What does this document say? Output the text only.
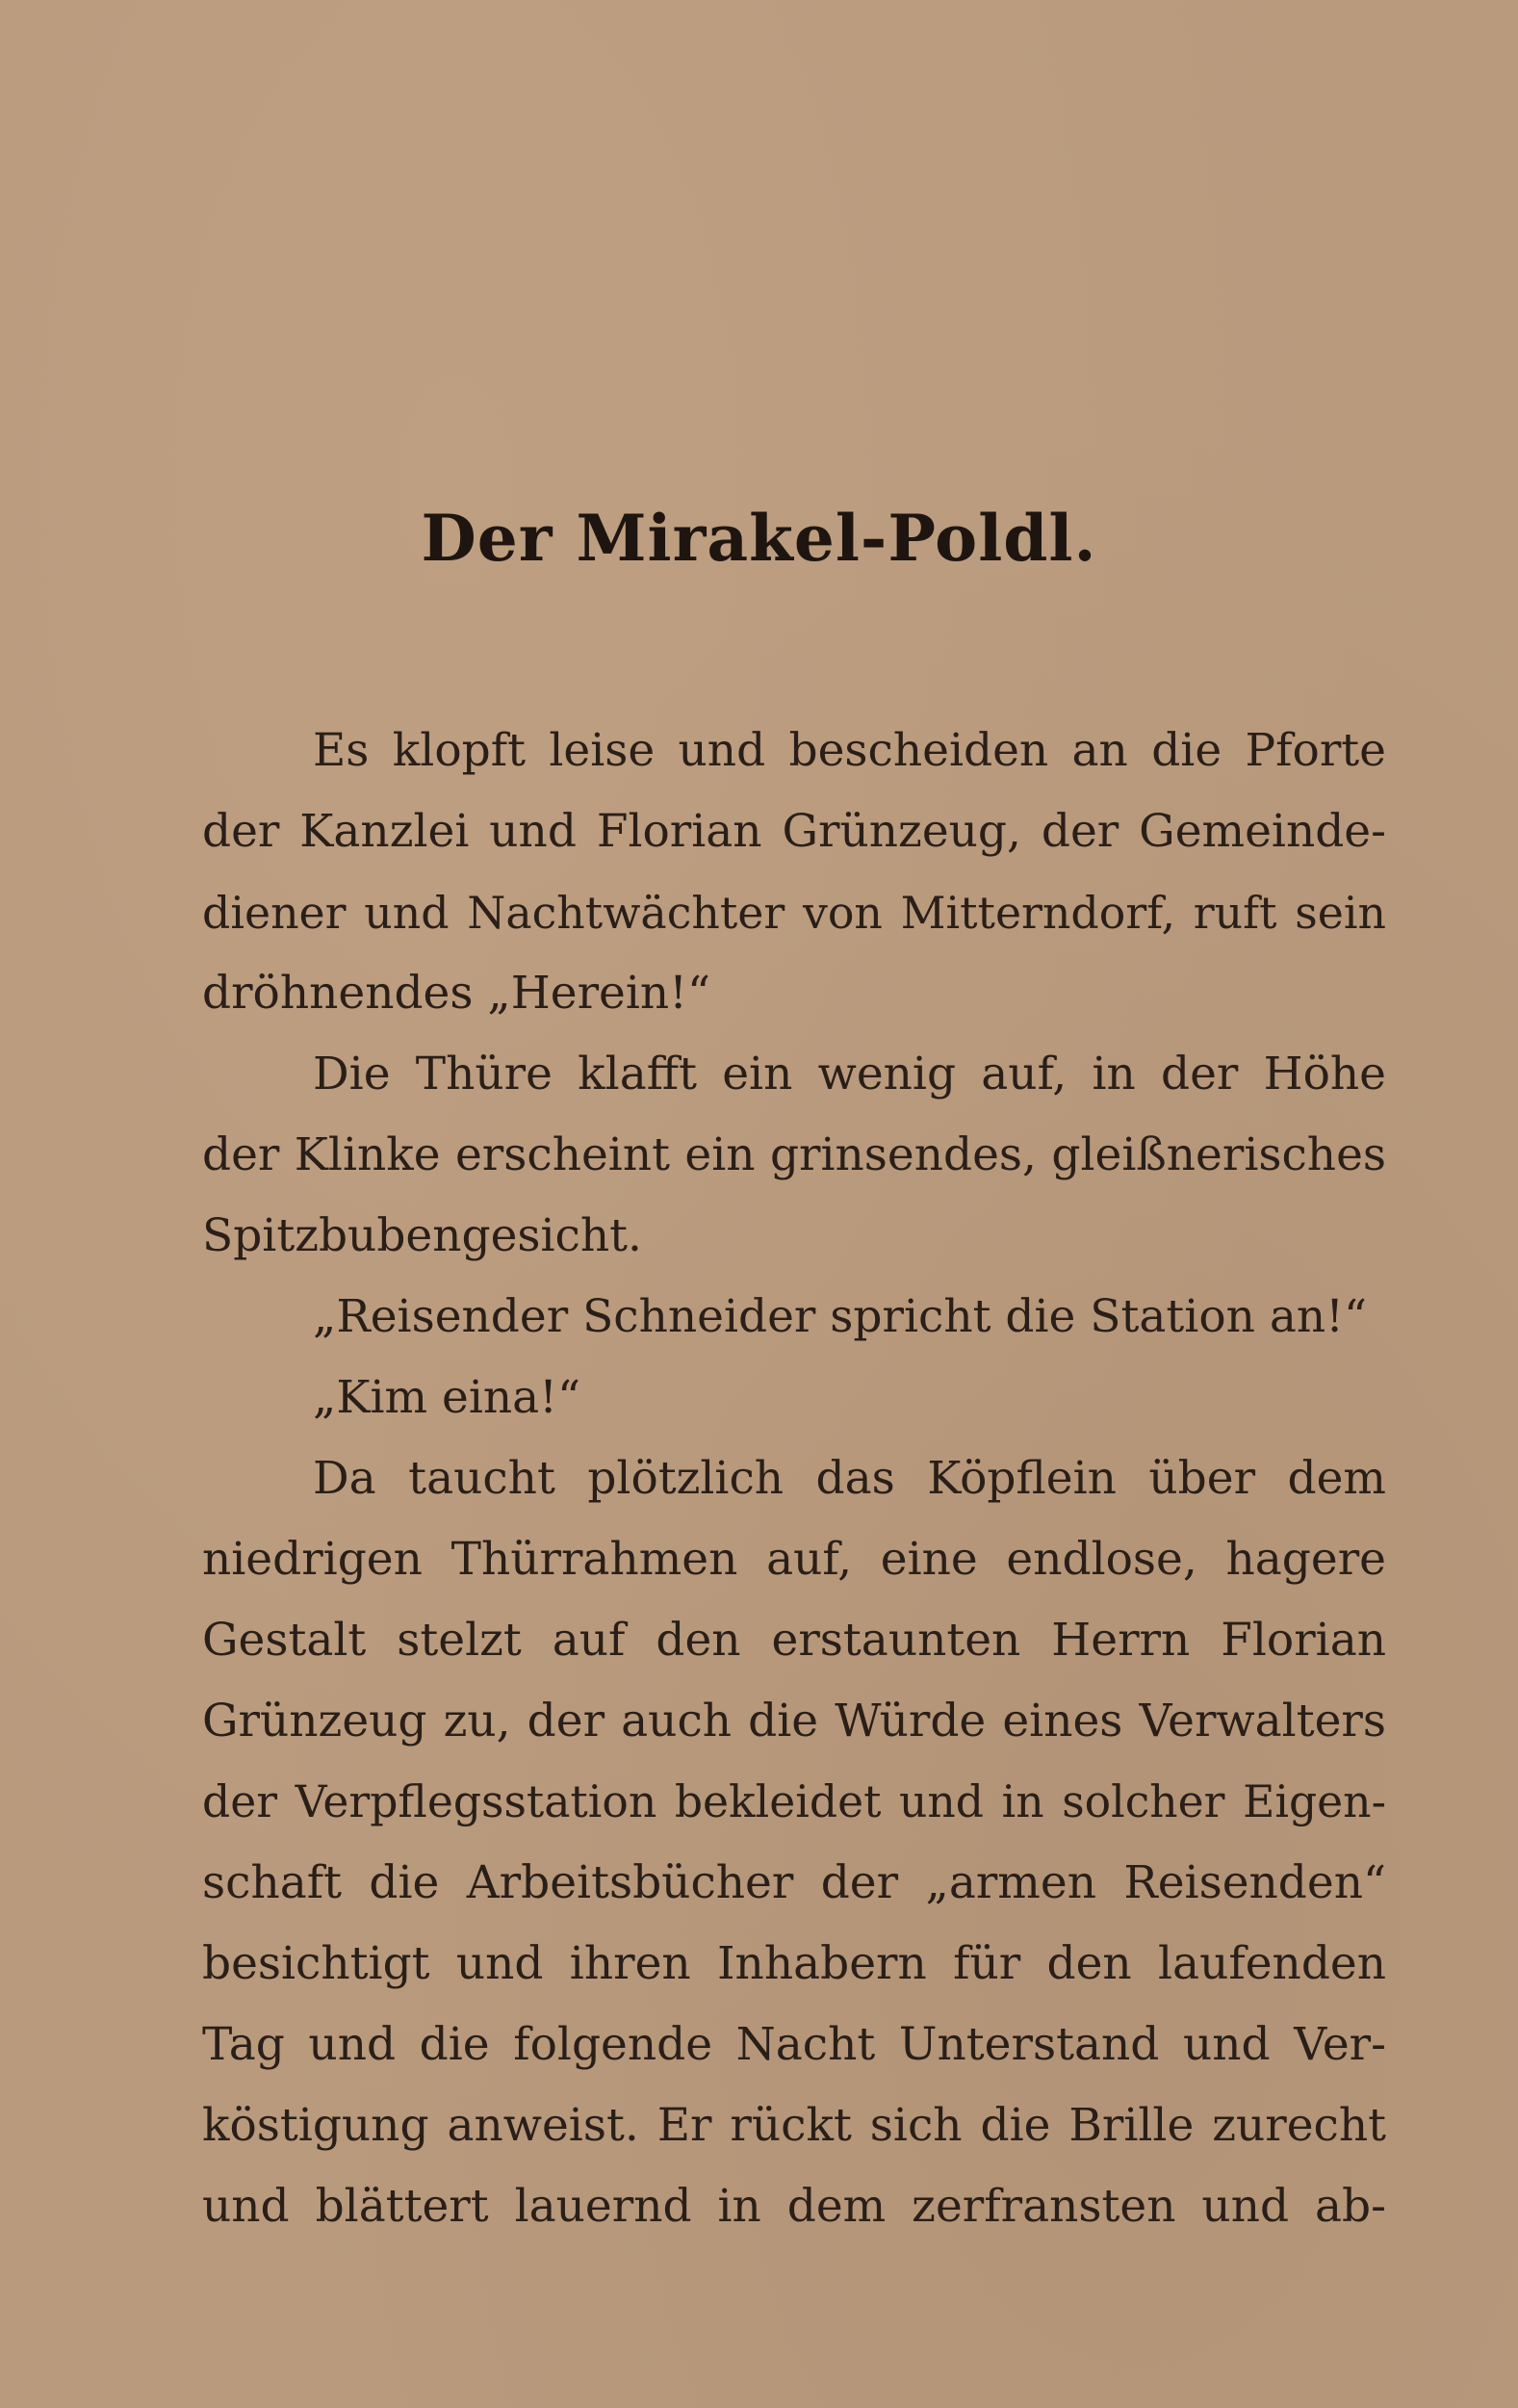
Der Mirakel-Poldl.
Es klopft leise und bescheiden an die Pforte
der Kanzlei und Florian Grünzeug, der Gemeinde-
diener und Nachtwächter von Mitterndorf, ruft sein
dröhnendes „Herein!“
Die Thüre klafft ein wenig auf, in der Höhe
der Klinke erscheint ein grinsendes, gleißnerisches
Spitzbubengesicht.
„Reisender Schneider spricht die Station an!“
„Kim eina!“
Da taucht plötzlich das Köpflein über dem
niedrigen Thürrahmen auf, eine endlose, hagere
Gestalt stelzt auf den erstaunten Herrn Florian
Grünzeug zu, der auch die Würde eines Verwalters
der Verpflegsstation bekleidet und in solcher Eigen-
schaft die Arbeitsbücher der „armen Reisenden“
besichtigt und ihren Inhabern für den laufenden
Tag und die folgende Nacht Unterstand und Ver-
köstigung anweist. Er rückt sich die Brille zurecht
und blättert lauernd in dem zerfransten und ab-
